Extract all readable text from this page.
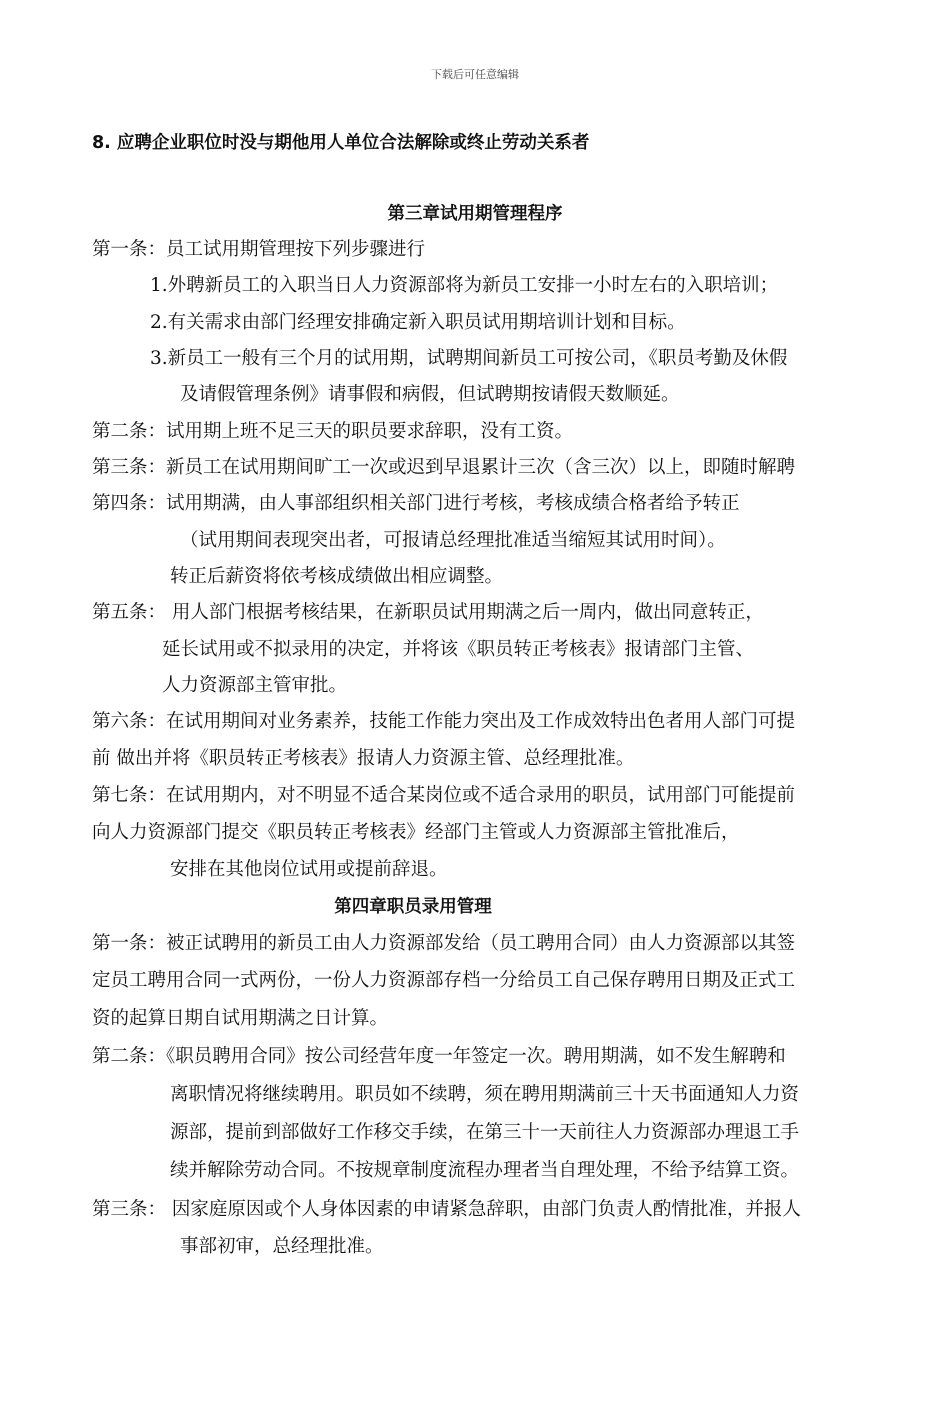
下载后可任意编辑

8. 应聘企业职位时没与期他用人单位合法解除或终止劳动关系者

第三章试用期管理程序

第一条：员工试用期管理按下列步骤进行

1.外聘新员工的入职当日人力资源部将为新员工安排一小时左右的入职培训；

2.有关需求由部门经理安排确定新入职员试用期培训计划和目标。

3.新员工一般有三个月的试用期，试聘期间新员工可按公司，《职员考勤及休假

及请假管理条例》请事假和病假，但试聘期按请假天数顺延。

第二条：试用期上班不足三天的职员要求辞职，没有工资。

第三条：新员工在试用期间旷工一次或迟到早退累计三次（含三次）以上，即随时解聘

第四条：试用期满，由人事部组织相关部门进行考核，考核成绩合格者给予转正

（试用期间表现突出者，可报请总经理批准适当缩短其试用时间）。

转正后薪资将依考核成绩做出相应调整。

第五条： 用人部门根据考核结果，在新职员试用期满之后一周内，做出同意转正，

延长试用或不拟录用的决定，并将该《职员转正考核表》报请部门主管、

人力资源部主管审批。

第六条：在试用期间对业务素养，技能工作能力突出及工作成效特出色者用人部门可提

前 做出并将《职员转正考核表》报请人力资源主管、总经理批准。

第七条：在试用期内，对不明显不适合某岗位或不适合录用的职员，试用部门可能提前

向人力资源部门提交《职员转正考核表》经部门主管或人力资源部主管批准后，

安排在其他岗位试用或提前辞退。

第四章职员录用管理

第一条：被正试聘用的新员工由人力资源部发给（员工聘用合同）由人力资源部以其签

定员工聘用合同一式两份，一份人力资源部存档一分给员工自己保存聘用日期及正式工

资的起算日期自试用期满之日计算。

第二条：《职员聘用合同》按公司经营年度一年签定一次。聘用期满，如不发生解聘和

离职情况将继续聘用。职员如不续聘，须在聘用期满前三十天书面通知人力资

源部，提前到部做好工作移交手续，在第三十一天前往人力资源部办理退工手

续并解除劳动合同。不按规章制度流程办理者当自理处理，不给予结算工资。

第三条： 因家庭原因或个人身体因素的申请紧急辞职，由部门负责人酌情批准，并报人

事部初审，总经理批准。
